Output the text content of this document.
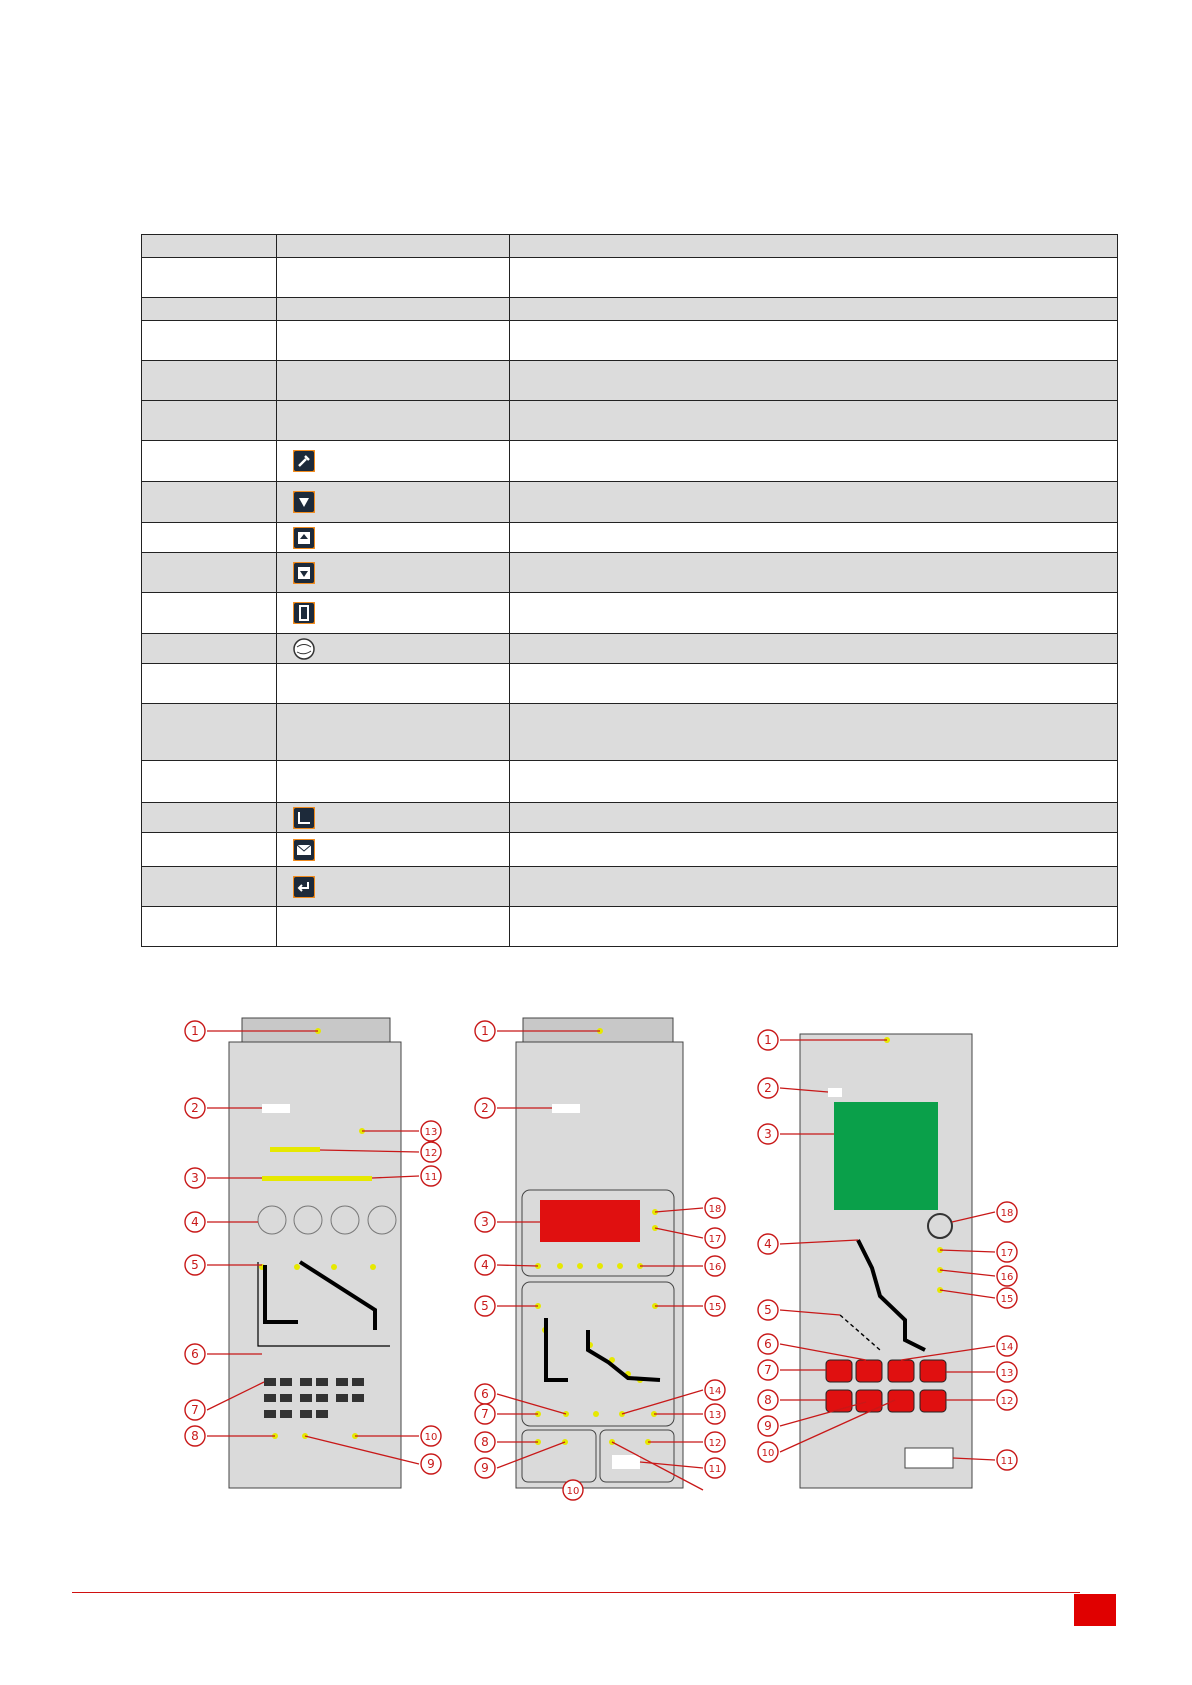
1
2
3
4
5
6
7
8
9
10
11
12
13
1
2
3
4
5
6
7
8
9
10
11
12
13
14
15
16
17
18
1
2
3
4
5
6
7
8
9
10
11
12
13
14
15
16
17
18
